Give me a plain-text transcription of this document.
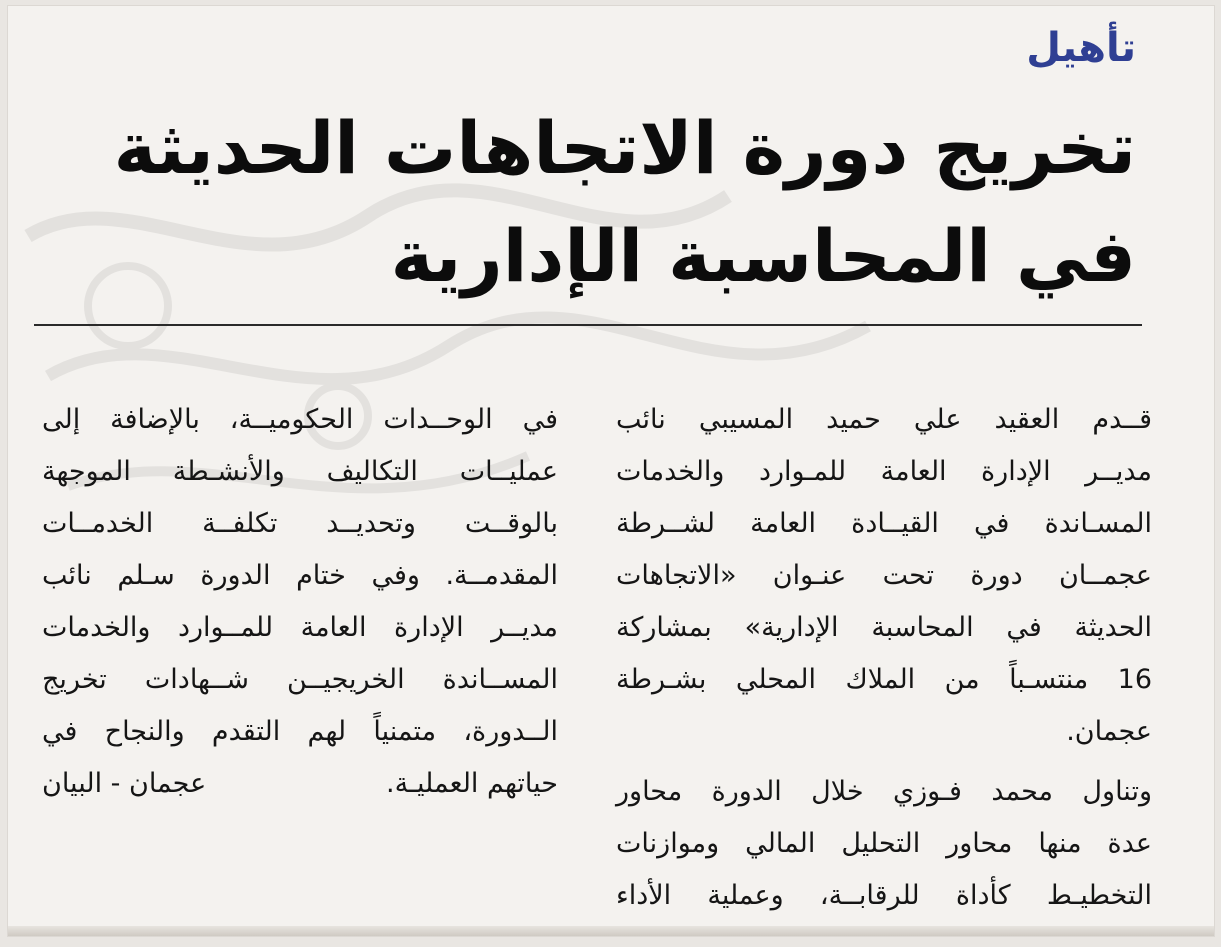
تأهيل
تخريج دورة الاتجاهات الحديثة
في المحاسبة الإدارية
قــدم العقيد علي حميد المسيبي نائب
مديــر الإدارة العامة للمـوارد والخدمات
المسـاندة في القيــادة العامة لشــرطة
عجمــان دورة تحت عنـوان «الاتجاهات
الحديثة في المحاسبة الإدارية» بمشاركة
16 منتسـباً من الملاك المحلي بشـرطة
عجمان.
وتناول محمد فـوزي خلال الدورة محاور
عدة منها محاور التحليل المالي وموازنات
التخطيـط كأداة للرقابــة، وعملية الأداء
في الوحــدات الحكوميــة، بالإضافة إلى
عمليــات التكاليف والأنشـطة الموجهة
بالوقــت وتحديــد تكلفــة الخدمــات
المقدمــة. وفي ختام الدورة سـلم نائب
مديــر الإدارة العامة للمــوارد والخدمات
المســاندة الخريجيــن شــهادات تخريج
الــدورة، متمنياً لهم التقدم والنجاح في
حياتهم العمليـة.
عجمان - البيان
